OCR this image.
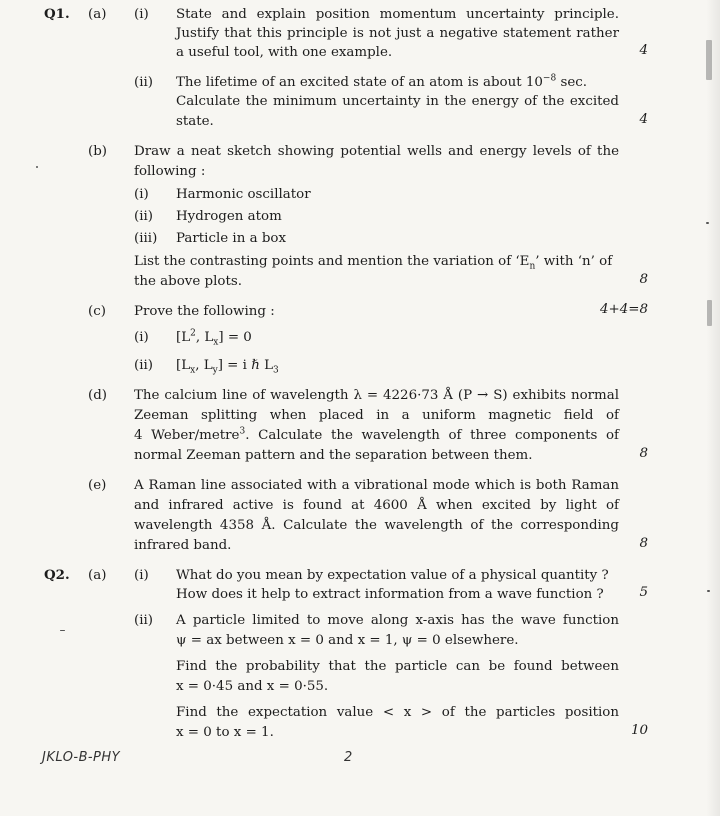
Q1. (a) (i) State and explain position momentum uncertainty principle.
Justify that this principle is not just a negative statement rather
a useful tool, with one example.	4
(ii) The lifetime of an excited state of an atom is about $10^{-8}$ sec.
Calculate the minimum uncertainty in the energy of the excited
state.	4
(b) Draw a neat sketch showing potential wells and energy levels of the
following :
(i) Harmonic oscillator
(ii) Hydrogen atom
(iii) Particle in a box
List the contrasting points and mention the variation of ‘$E_n$’ with ‘n’ of
the above plots.	8
(c) Prove the following :	4+4=8
(i) [$L^2$, $L_x] = 0$
(ii) [$L_x$, $L_y] = i$ ℏ $L_3$
(d) The calcium line of wavelength λ = 4226·73 Å (P → S) exhibits normal
Zeeman splitting when placed in a uniform magnetic field of
4 Weber/metre$^3$. Calculate the wavelength of three components of
normal Zeeman pattern and the separation between them.	8
(e) A Raman line associated with a vibrational mode which is both Raman
and infrared active is found at 4600 Å when excited by light of
wavelength 4358 Å. Calculate the wavelength of the corresponding
infrared band.	8
Q2. (a) (i) What do you mean by expectation value of a physical quantity ?
How does it help to extract information from a wave function ?	5
(ii) A particle limited to move along x-axis has the wave function
ψ = ax between x = 0 and x = 1, ψ = 0 elsewhere.
Find the probability that the particle can be found between
x = 0·45 and x = 0·55.
Find the expectation value < x > of the particles position
x = 0 to x = 1.	10
JKLO-B-PHY	2
